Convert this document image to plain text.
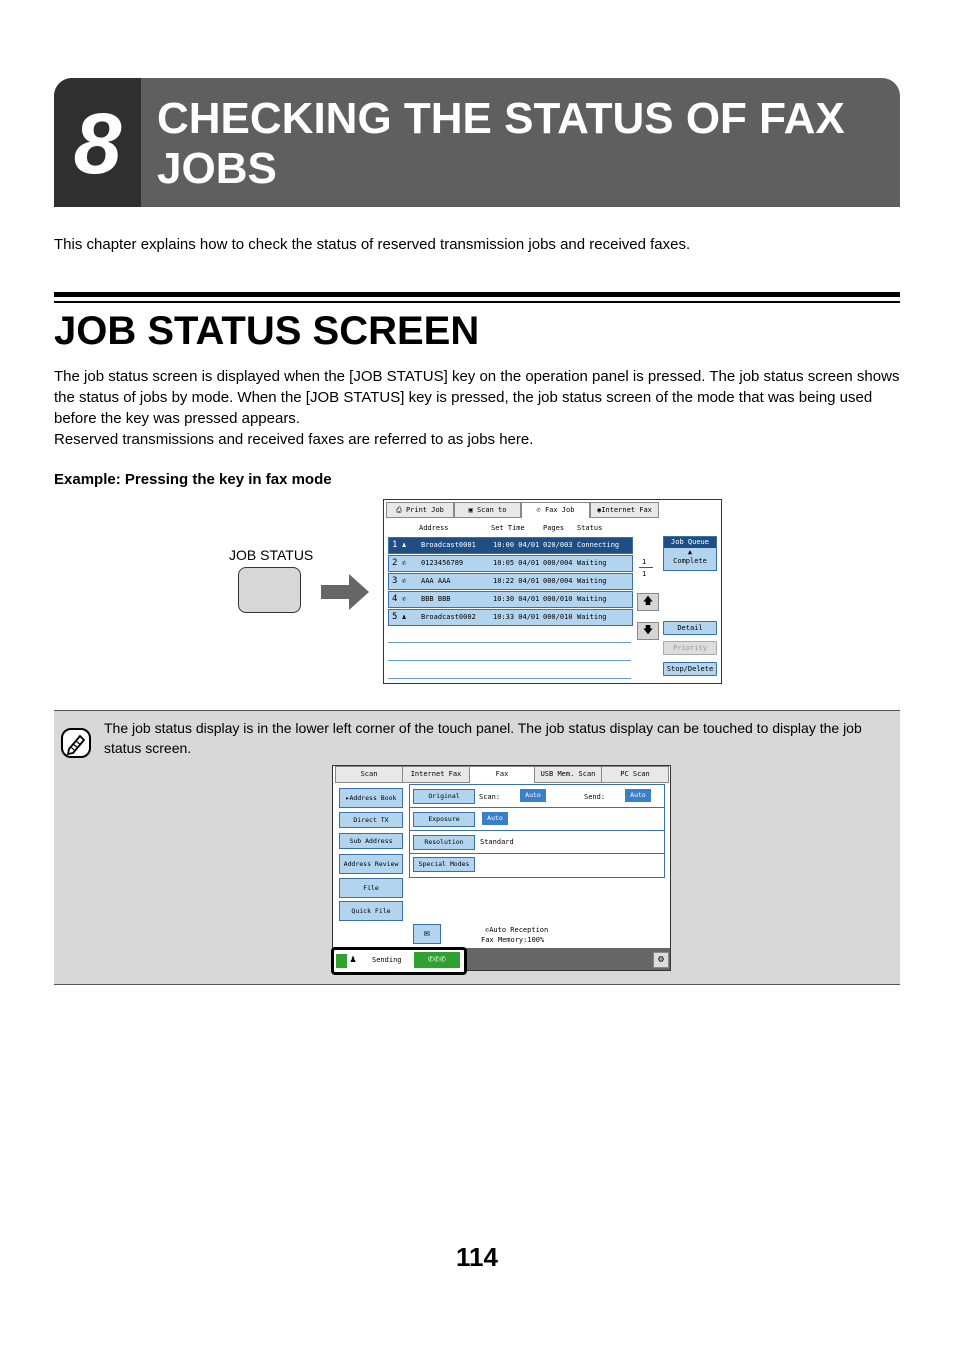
8 CHECKING THE STATUS OF FAX JOBS
This chapter explains how to check the status of reserved transmission jobs and received faxes.
JOB STATUS SCREEN
The job status screen is displayed when the [JOB STATUS] key on the operation panel is pressed. The job status screen shows the status of jobs by mode. When the [JOB STATUS] key is pressed, the job status screen of the mode that was being used before the key was pressed appears.
Reserved transmissions and received faxes are referred to as jobs here.
Example: Pressing the key in fax mode
JOB STATUS
⎙ Print Job	▣ Scan to	✆ Fax Job	◉Internet Fax
Address	Set Time	Pages Status
1 ♟ Broadcast0001 10:00 04/01 020/003 Connecting
2 ✆ 0123456789	10:05 04/01 000/004 Waiting
3 ✆ AAA AAA	10:22 04/01 000/004 Waiting
4 ✆ BBB BBB	10:30 04/01 000/010 Waiting
5 ♟ Broadcast0002 10:33 04/01 000/010 Waiting
1
1
🡅
🡇
Job Queue
▲

Complete
Detail
Priority
Stop/Delete
The job status display is in the lower left corner of the touch panel. The job status display can be touched to display the job status screen.
Scan	Internet Fax	Fax	USB Mem. Scan	PC Scan
▸Address Book
Direct TX
Sub Address
Address Review
File
Quick File
Original	Scan:	Auto	Send:	Auto
Exposure	Auto
Resolution	Standard
Special Modes
✉	✆Auto Reception
Fax Memory:100%
♟ Sending	✆✆✆	⚙
114
